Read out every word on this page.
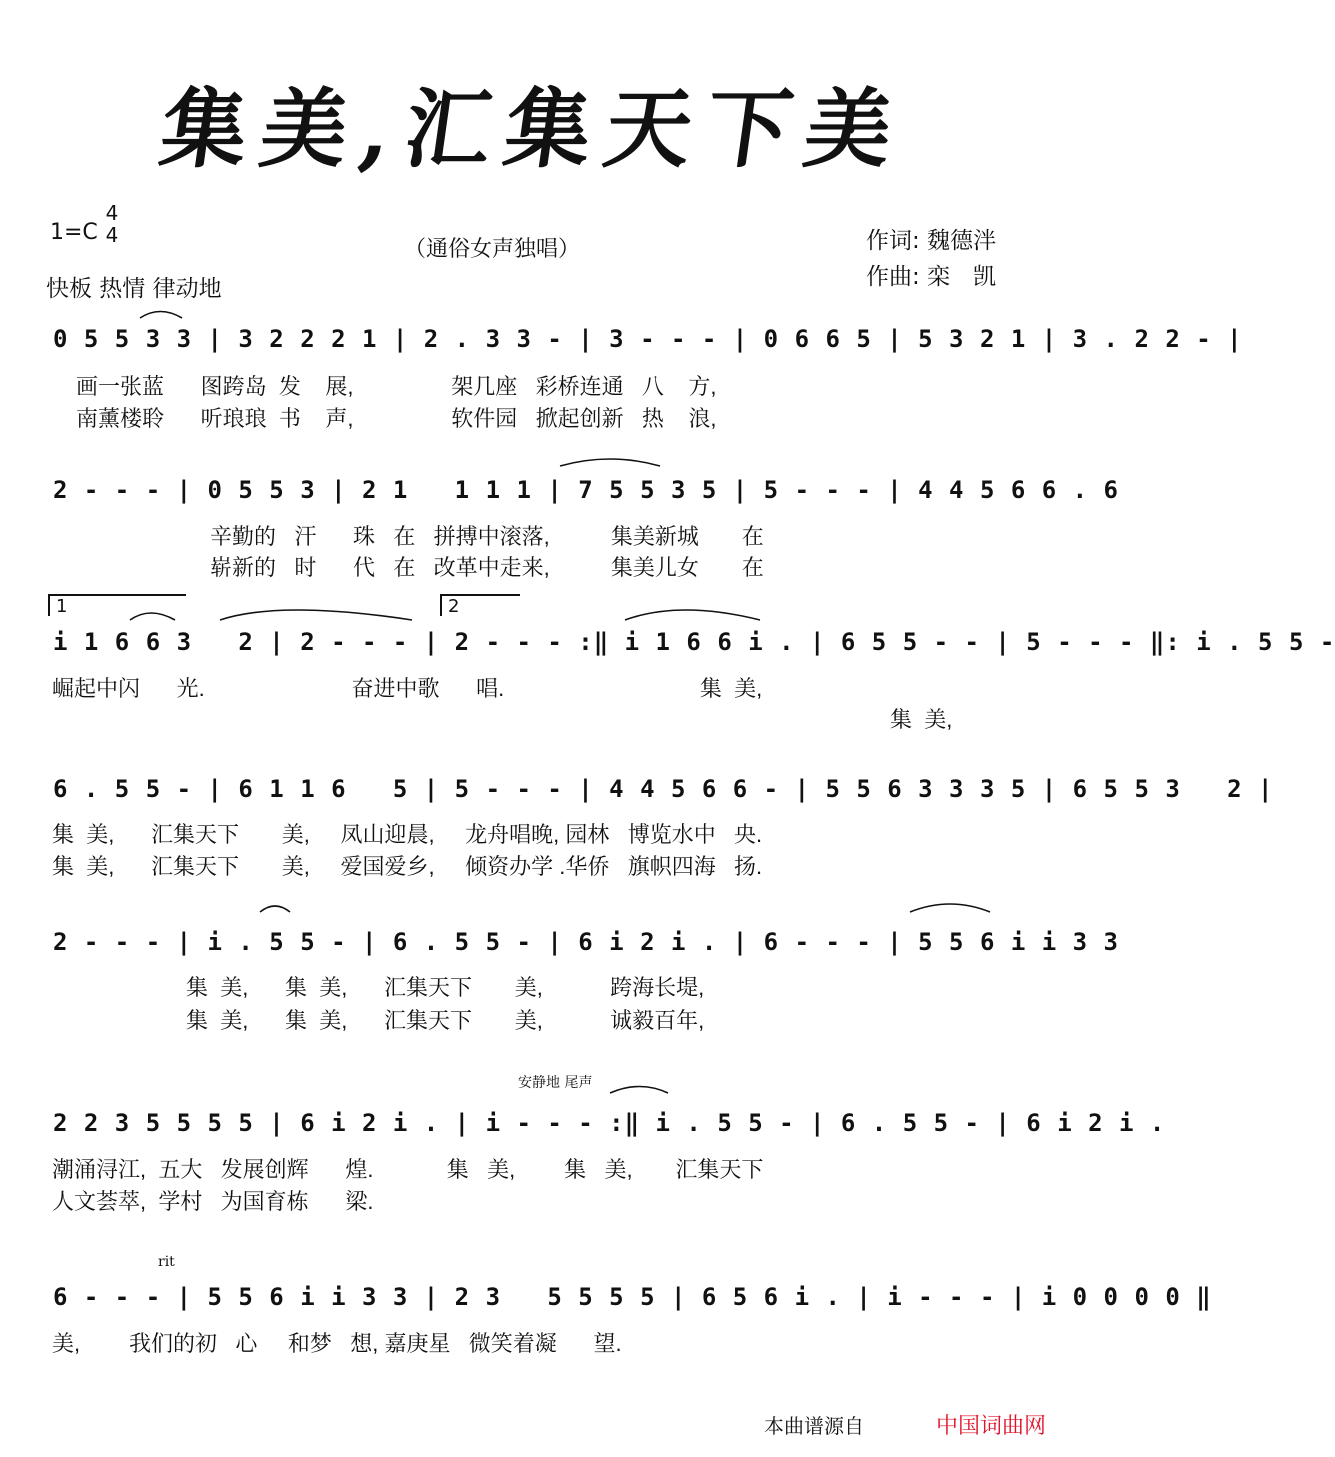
集美,汇集天下美
1=C
4
4
快板 热情 律动地
（通俗女声独唱）	作词: 魏德泮
作曲: 栾　凯
0 5 5 3 3 | 3 2 2 2 1 | 2 . 3 3 - | 3 - - - | 0 6 6 5 | 5 3 2 1 | 3 . 2 2 - |
画一张蓝      图跨岛  发    展,                架几座   彩桥连通   八    方,
南薰楼聆      听琅琅  书    声,                软件园   掀起创新   热    浪,
2 - - - | 0 5 5 3 | 2 1   1 1 1 | 7 5 5 3 5 | 5 - - - | 4 4 5 6 6 . 6
辛勤的   汗      珠   在   拼搏中滚落,          集美新城       在
崭新的   时      代   在   改革中走来,          集美儿女       在
1	2
i 1 6 6 3   2 | 2 - - - | 2 - - - :‖ i 1 6 6 i . | 6 5 5 - - | 5 - - - ‖: i . 5 5 -
崛起中闪      光.                        奋进中歌      唱.                                集  美,
集  美,
6 . 5 5 - | 6 1 1 6   5 | 5 - - - | 4 4 5 6 6 - | 5 5 6 3 3 3 5 | 6 5 5 3   2 |
集  美,      汇集天下       美,     凤山迎晨,     龙舟唱晚, 园林   博览水中   央.
集  美,      汇集天下       美,     爱国爱乡,     倾资办学 .华侨   旗帜四海   扬.
2 - - - | i . 5 5 - | 6 . 5 5 - | 6 i 2 i . | 6 - - - | 5 5 6 i i 3 3
集  美,      集  美,      汇集天下       美,           跨海长堤,
集  美,      集  美,      汇集天下       美,           诚毅百年,
安静地 尾声
2 2 3 5 5 5 5 | 6 i 2 i . | i - - - :‖ i . 5 5 - | 6 . 5 5 - | 6 i 2 i .
潮涌浔江,  五大   发展创辉      煌.            集   美,        集   美,       汇集天下
人文荟萃,  学村   为国育栋      梁.
rit
6 - - - | 5 5 6 i i 3 3 | 2 3   5 5 5 5 | 6 5 6 i . | i - - - | i 0 0 0 0 ‖
美,        我们的初   心     和梦   想, 嘉庚星   微笑着凝      望.
本曲谱源自	中国词曲网
